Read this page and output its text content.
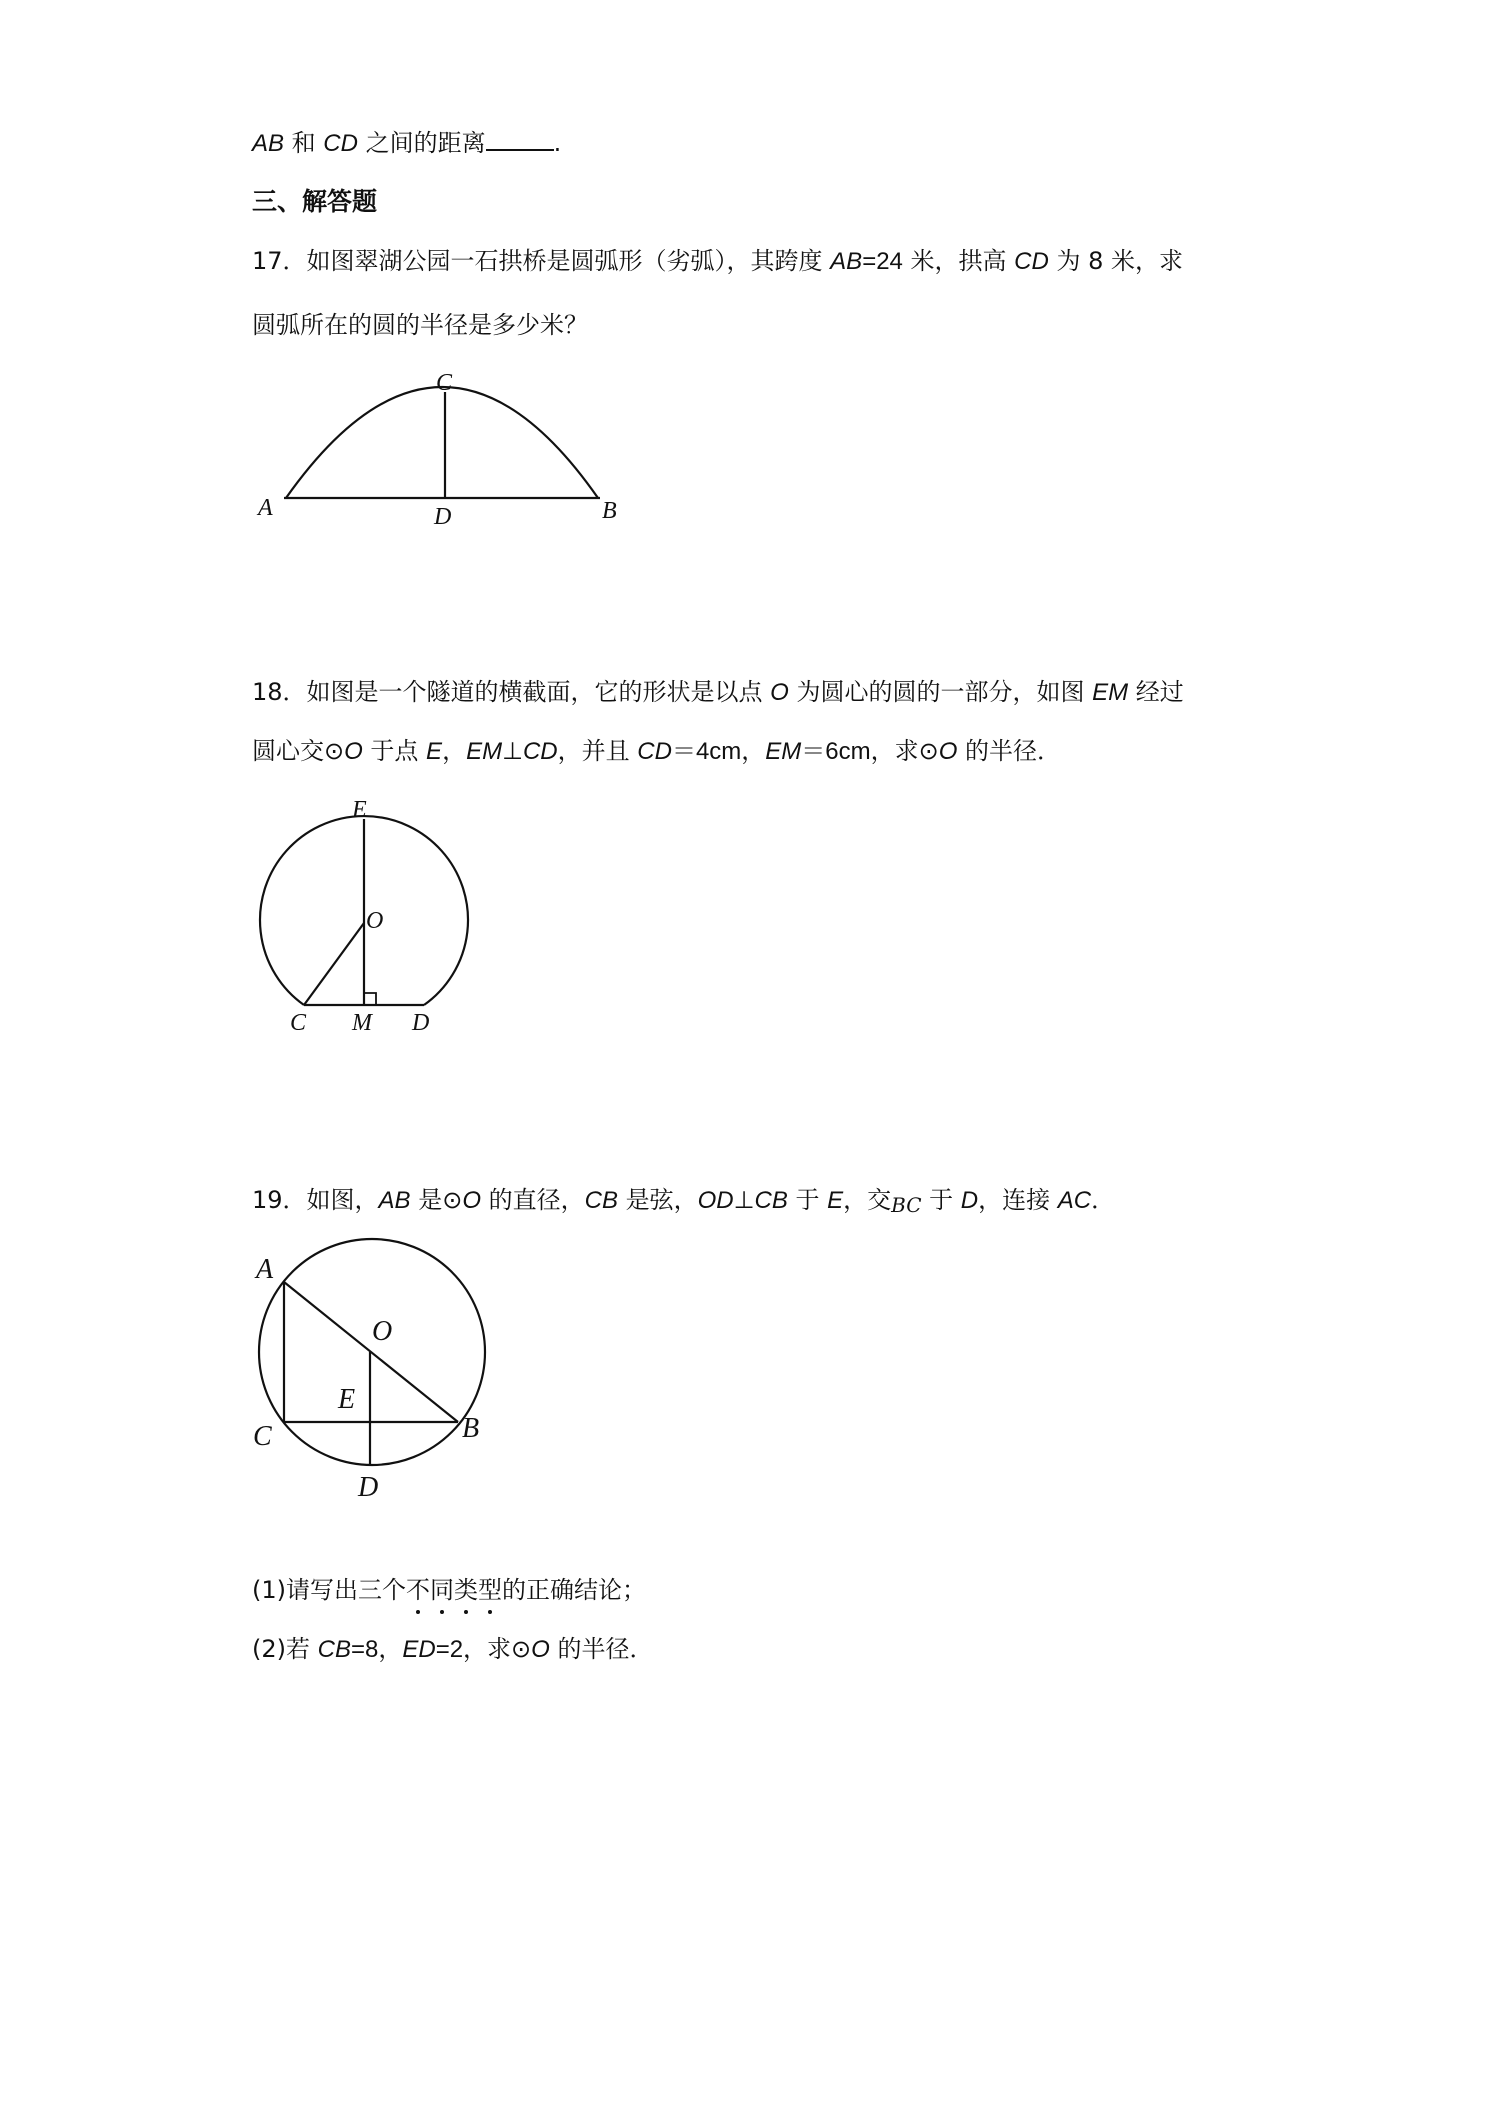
AB 和 CD 之间的距离	.
三、解答题
17．如图翠湖公园一石拱桥是圆弧形（劣弧），其跨度 AB=24 米，拱高 CD 为 8 米，求
圆弧所在的圆的半径是多少米？
C
A	D	B
18．如图是一个隧道的横截面，它的形状是以点 O 为圆心的圆的一部分，如图 EM 经过
圆心交⊙O 于点 E，EM⊥CD，并且 CD＝4cm，EM＝6cm，求⊙O 的半径．
E
O
C M D
19．如图，AB 是⊙O 的直径，CB 是弦，OD⊥CB 于 E，交BC 于 D，连接 AC．
A
O
E
C	B
D
(1)请写出三个不同类型的正确结论；
(2)若 CB=8，ED=2，求⊙O 的半径．
